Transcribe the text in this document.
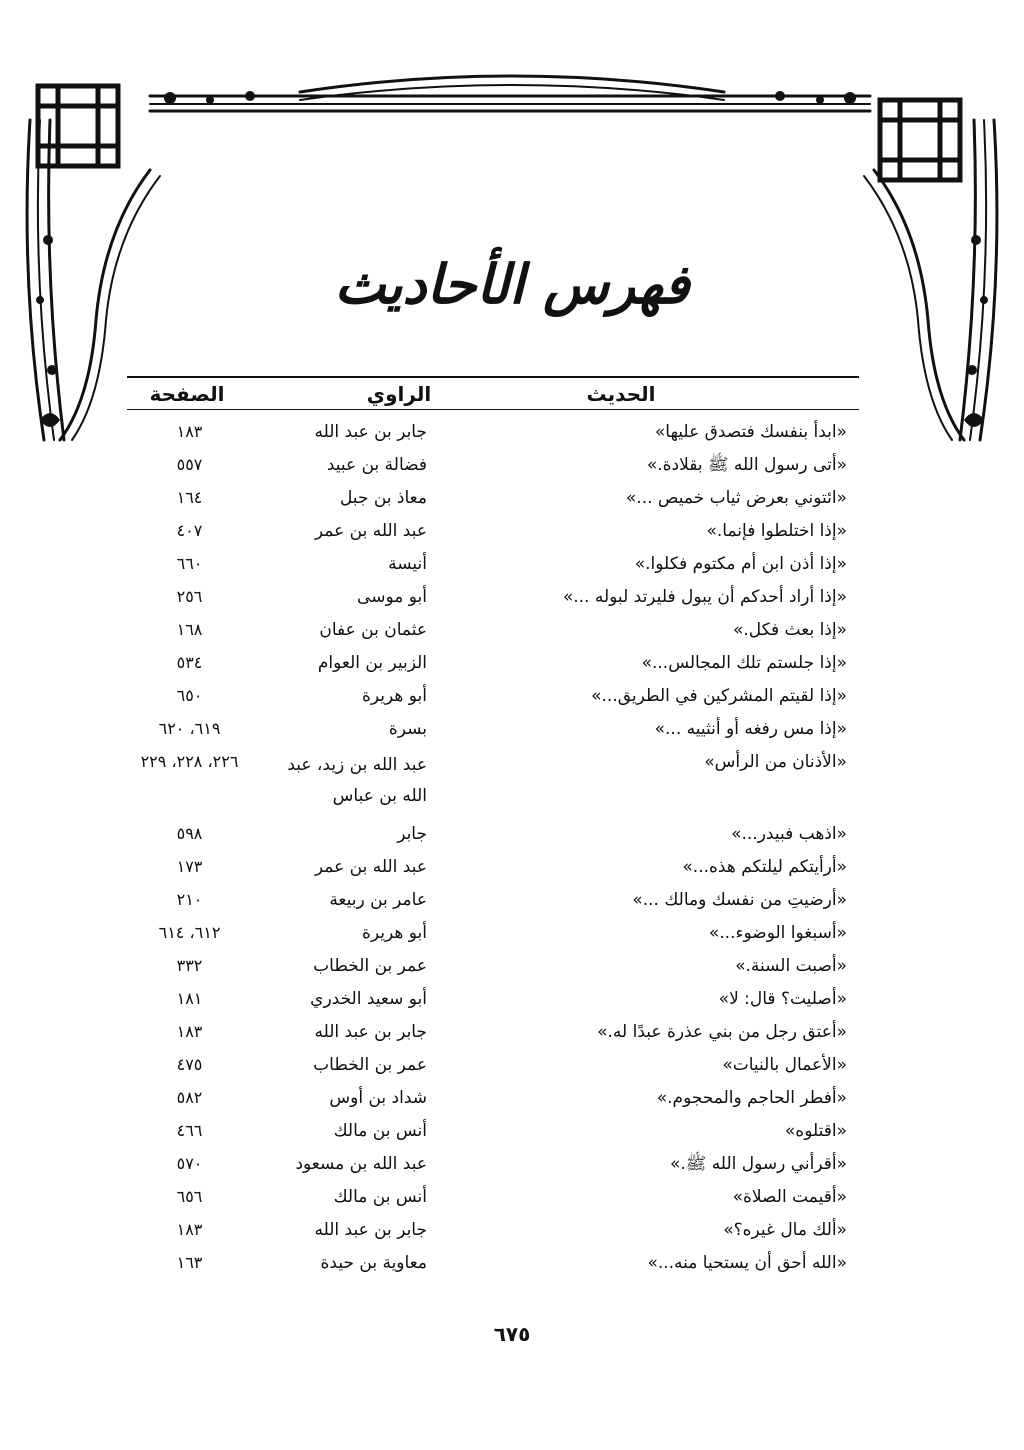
فهرس الأحاديث
الحديث
الراوي
الصفحة
«ابدأ بنفسك فتصدق عليها»
جابر بن عبد الله
١٨٣
«أتى رسول الله ﷺ بقلادة.»
فضالة بن عبيد
٥٥٧
«ائتوني بعرض ثياب خميص ...»
معاذ بن جبل
١٦٤
«إذا اختلطوا فإنما.»
عبد الله بن عمر
٤٠٧
«إذا أذن ابن أم مكتوم فكلوا.»
أنيسة
٦٦٠
«إذا أراد أحدكم أن يبول فليرتد لبوله ...»
أبو موسى
٢٥٦
«إذا بعث فكل.»
عثمان بن عفان
١٦٨
«إذا جلستم تلك المجالس...»
الزبير بن العوام
٥٣٤
«إذا لقيتم المشركين في الطريق...»
أبو هريرة
٦٥٠
«إذا مس رفغه أو أنثييه ...»
بسرة
٦١٩، ٦٢٠
«الأذنان من الرأس»
عبد الله بن زيد، عبد الله بن عباس
٢٢٦، ٢٢٨، ٢٢٩
«اذهب فبيدر...»
جابر
٥٩٨
«أرأيتكم ليلتكم هذه...»
عبد الله بن عمر
١٧٣
«أرضيتِ من نفسك ومالك ...»
عامر بن ربيعة
٢١٠
«أسبغوا الوضوء...»
أبو هريرة
٦١٢، ٦١٤
«أصبت السنة.»
عمر بن الخطاب
٣٣٢
«أصليت؟ قال: لا»
أبو سعيد الخدري
١٨١
«أعتق رجل من بني عذرة عبدًا له.»
جابر بن عبد الله
١٨٣
«الأعمال بالنيات»
عمر بن الخطاب
٤٧٥
«أفطر الحاجم والمحجوم.»
شداد بن أوس
٥٨٢
«اقتلوه»
أنس بن مالك
٤٦٦
«أقرأني رسول الله ﷺ.»
عبد الله بن مسعود
٥٧٠
«أقيمت الصلاة»
أنس بن مالك
٦٥٦
«ألك مال غيره؟»
جابر بن عبد الله
١٨٣
«الله أحق أن يستحيا منه...»
معاوية بن حيدة
١٦٣
٦٧٥
